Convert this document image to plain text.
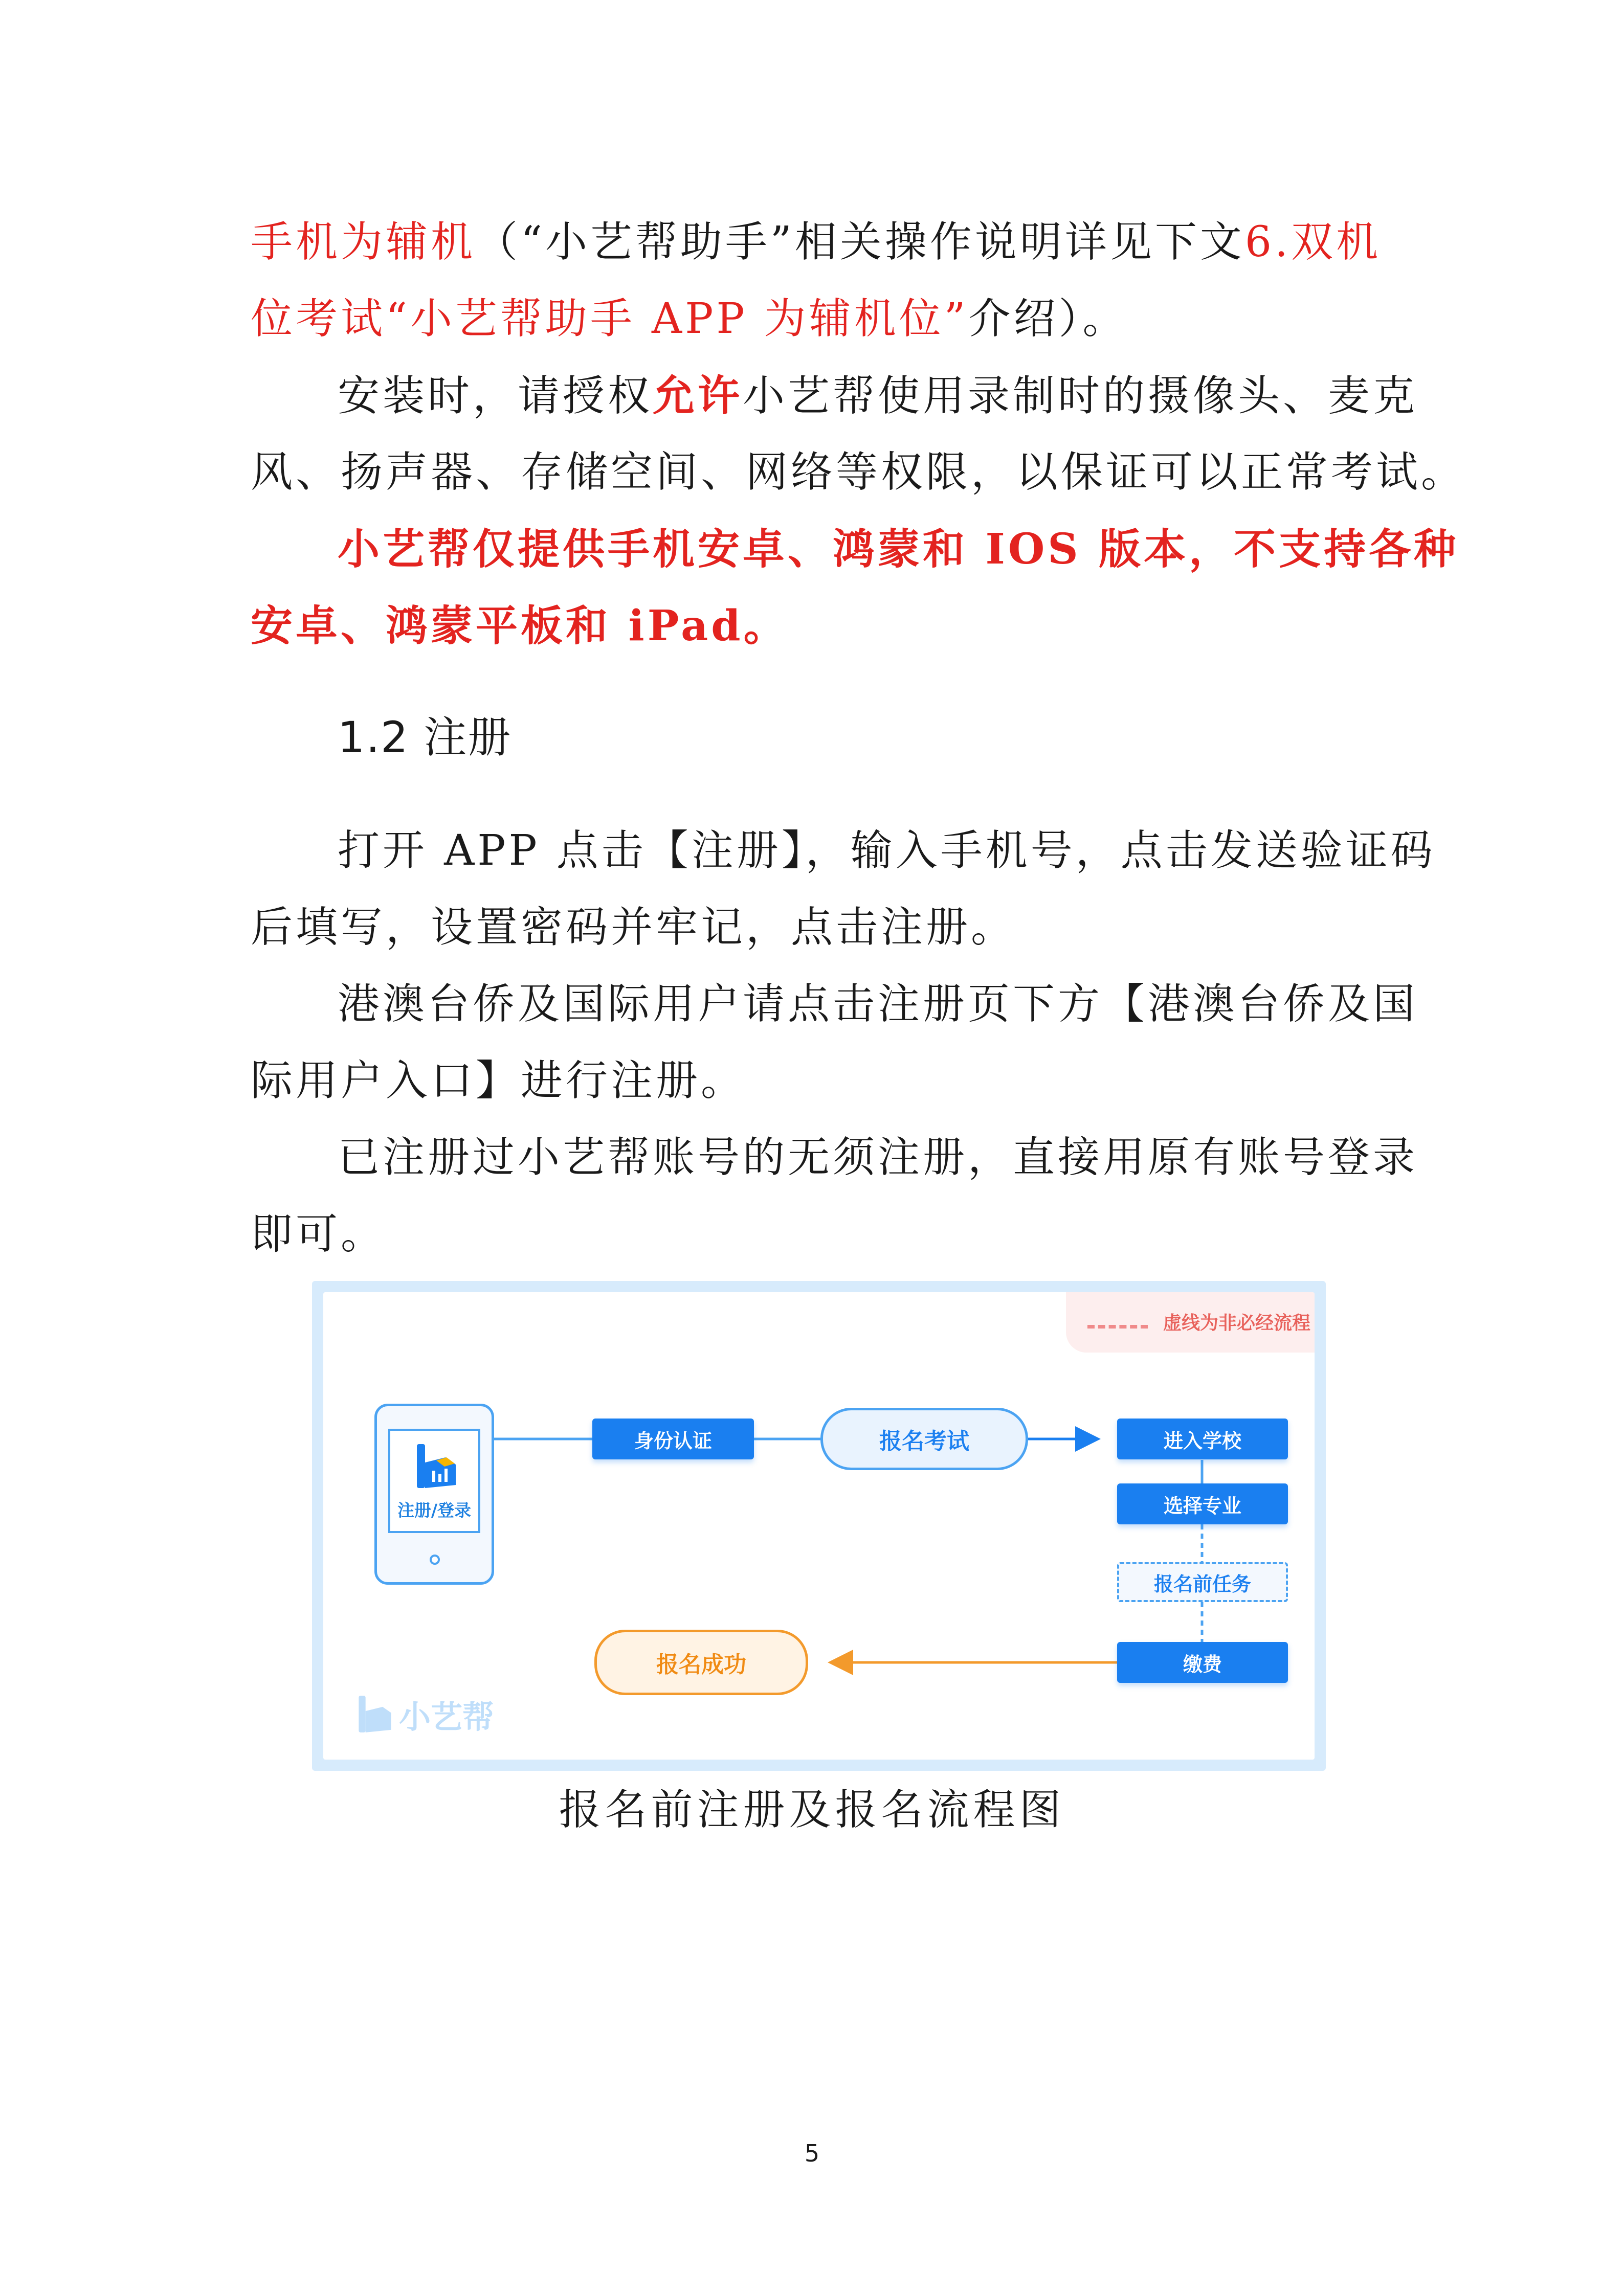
手机为辅机（“小艺帮助手”相关操作说明详见下文6.双机
位考试“小艺帮助手 APP 为辅机位”介绍）。
安装时，请授权允许小艺帮使用录制时的摄像头、麦克
风、扬声器、存储空间、网络等权限，以保证可以正常考试。
小艺帮仅提供手机安卓、鸿蒙和 IOS 版本，不支持各种
安卓、鸿蒙平板和 iPad。
1.2 注册
打开 APP 点击【注册】，输入手机号，点击发送验证码
后填写，设置密码并牢记，点击注册。
港澳台侨及国际用户请点击注册页下方【港澳台侨及国
际用户入口】进行注册。
已注册过小艺帮账号的无须注册，直接用原有账号登录
即可。
虚线为非必经流程
注册/登录
身份认证	报名考试	进入学校
选择专业
报名前任务
缴费
报名成功
小艺帮
报名前注册及报名流程图
5
